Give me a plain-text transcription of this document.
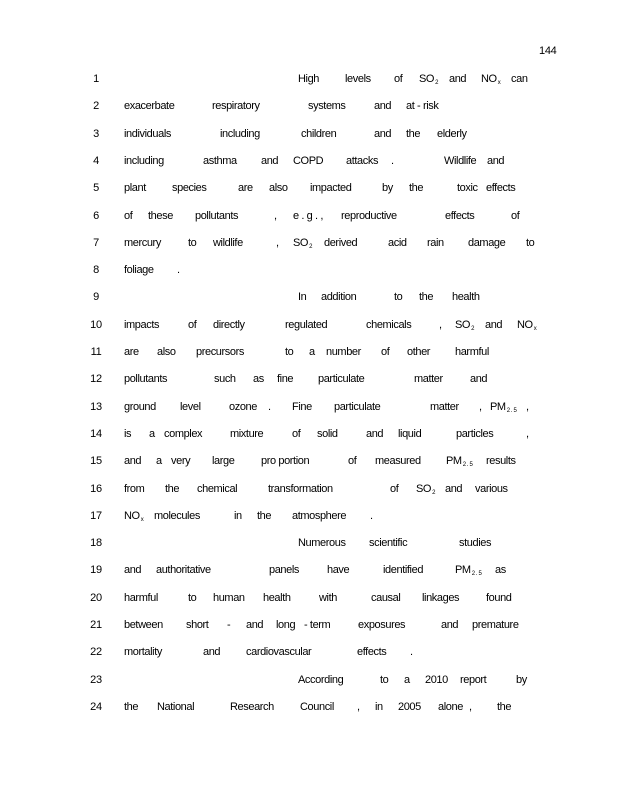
144
1	High levels of $SO_2$ and $NO_x$ can
2 exacerbate	respiratory	systems	and at - risk
3 individuals	including	children	and the elderly
4 including	asthma and COPD attacks .	Wildlife and
5 plant species	are also impacted	by the	toxic effects
6 of these pollutants	, e . g . , reproductive	effects	of
7 mercury to wildlife	, $SO_2$ derived	acid rain damage to
8 foliage .
9	In addition	to the health
10 impacts	of directly	regulated	chemicals	, $SO_2$ and $NO_x$
11 are also precursors	to a number of other harmful
12 pollutants	such as fine particulate	matter and
13 ground level	ozone . Fine particulate	matter , $PM_{2 . 5}$ ,
14 is a complex	mixture	of solid	and liquid	particles	,
15 and a very large pro portion	of measured $PM_{2 . 5}$ results
16 from the chemical	transformation	of $SO_2$ and various
17 $NO_x$ molecules	in the atmosphere .
18	Numerous scientific	studies
19 and authoritative	panels	have	identified	$PM_{2 . 5}$ as
20 harmful	to human health	with	causal linkages found
21 between short - and long - term	exposures	and premature
22 mortality	and cardiovascular	effects .
23	According	to a 2010 report	by
24 the National	Research Council , in 2005 alone , the
